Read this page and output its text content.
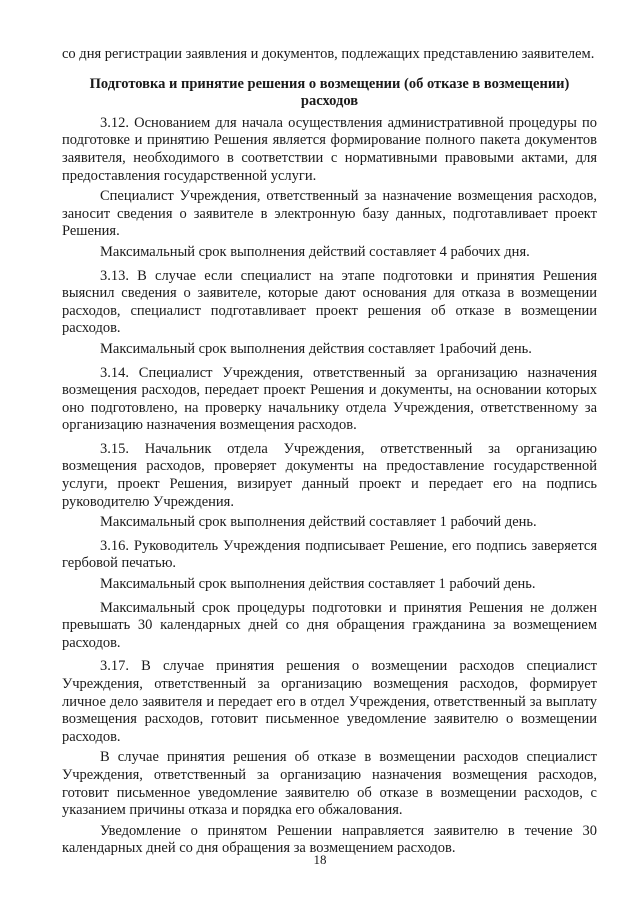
со дня регистрации заявления и документов, подлежащих представлению заявителем.

Подготовка и принятие решения о возмещении (об отказе в возмещении) расходов

3.12. Основанием для начала осуществления административной процедуры по подготовке и принятию Решения является формирование полного пакета документов заявителя, необходимого в соответствии с нормативными правовыми актами, для предоставления государственной услуги.

Специалист Учреждения, ответственный за назначение возмещения расходов, заносит сведения о заявителе в электронную базу данных, подготавливает проект Решения.

Максимальный срок выполнения действий составляет 4 рабочих дня.

3.13. В случае если специалист на этапе подготовки и принятия Решения выяснил сведения о заявителе, которые дают основания для отказа в возмещении расходов, специалист подготавливает проект решения об отказе в возмещении расходов.

Максимальный срок выполнения действия составляет 1рабочий день.

3.14. Специалист Учреждения, ответственный за организацию назначения возмещения расходов, передает проект Решения и документы, на основании которых оно подготовлено, на проверку начальнику отдела Учреждения, ответственному за организацию назначения возмещения расходов.

3.15. Начальник отдела Учреждения, ответственный за организацию возмещения расходов, проверяет документы на предоставление государственной услуги, проект Решения, визирует данный проект и передает его на подпись руководителю Учреждения.

Максимальный срок выполнения действий составляет 1 рабочий день.

3.16. Руководитель Учреждения подписывает Решение, его подпись заверяется гербовой печатью.

Максимальный срок выполнения действия составляет 1 рабочий день.

Максимальный срок процедуры подготовки и принятия Решения не должен превышать 30 календарных дней со дня обращения гражданина за возмещением расходов.

3.17. В случае принятия решения о возмещении расходов специалист Учреждения, ответственный за организацию возмещения расходов, формирует личное дело заявителя и передает его в отдел Учреждения, ответственный за выплату возмещения расходов, готовит письменное уведомление заявителю о возмещении расходов.

В случае принятия решения об отказе в возмещении расходов специалист Учреждения, ответственный за организацию назначения возмещения расходов, готовит письменное уведомление заявителю об отказе в возмещении расходов, с указанием причины отказа и порядка его обжалования.

Уведомление о принятом Решении направляется заявителю в течение 30 календарных дней со дня обращения за возмещением расходов.

18
